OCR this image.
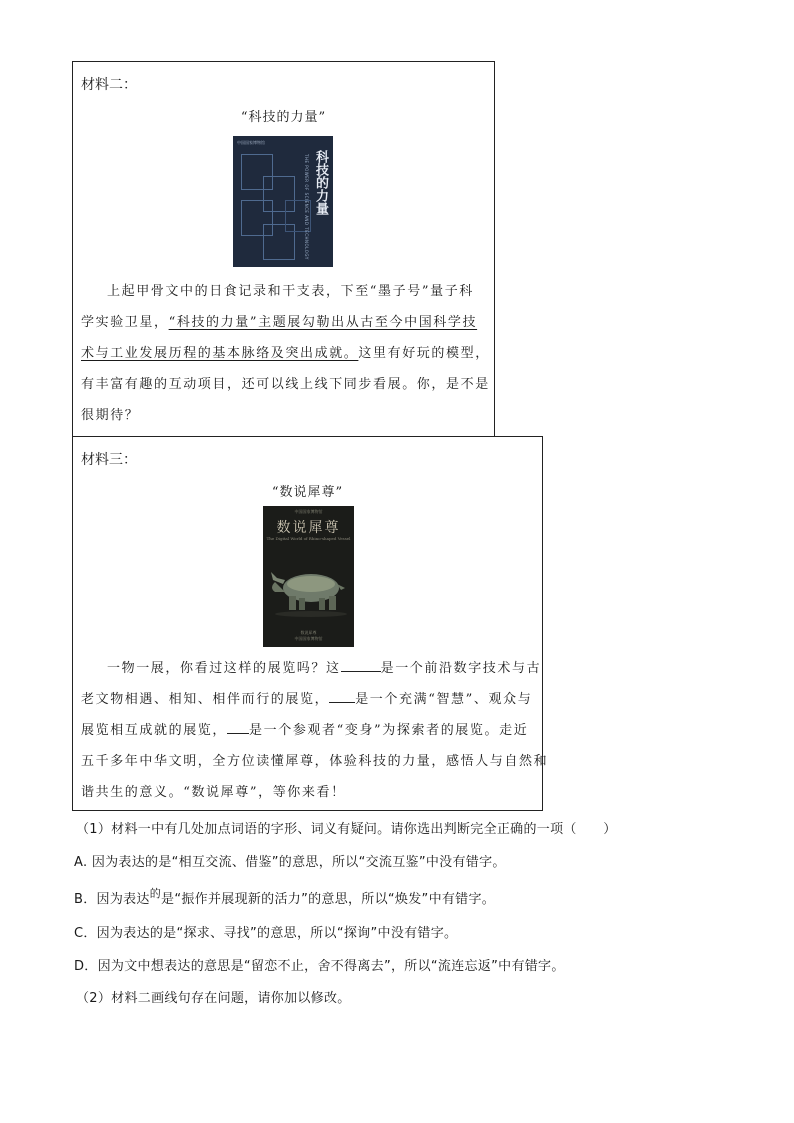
材料二：
“科技的力量”
中国国家博物馆
科技的力量
THE POWER OF SCIENCE AND TECHNOLOGY

上起甲骨文中的日食记录和干支表，下至“墨子号”量子科

学实验卫星，“科技的力量”主题展勾勒出从古至今中国科学技

术与工业发展历程的基本脉络及突出成就。这里有好玩的模型，

有丰富有趣的互动项目，还可以线上线下同步看展。你，是不是

很期待？

材料三：
“数说犀尊”
中国国家博物馆
数说犀尊
The Digital World of Rhino-shaped Vessel
数说犀尊
中国国家博物馆

一物一展，你看过这样的展览吗？这	是一个前沿数字技术与古

老文物相遇、相知、相伴而行的展览， 是一个充满“智慧”、观众与

展览相互成就的展览， 是一个参观者“变身”为探索者的展览。走近

五千多年中华文明，全方位读懂犀尊，体验科技的力量，感悟人与自然和

谐共生的意义。“数说犀尊”，等你来看！

（1）材料一中有几处加点词语的字形、词义有疑问。请你选出判断完全正确的一项（　　）
A. 因为表达的是“相互交流、借鉴”的意思，所以“交流互鉴”中没有错字。
B．因为表达$^的$是“振作并展现新的活力”的意思，所以“焕发”中有错字。
C．因为表达的是“探求、寻找”的意思，所以“探询”中没有错字。
D．因为文中想表达的意思是“留恋不止，舍不得离去”，所以“流连忘返”中有错字。
（2）材料二画线句存在问题，请你加以修改。
